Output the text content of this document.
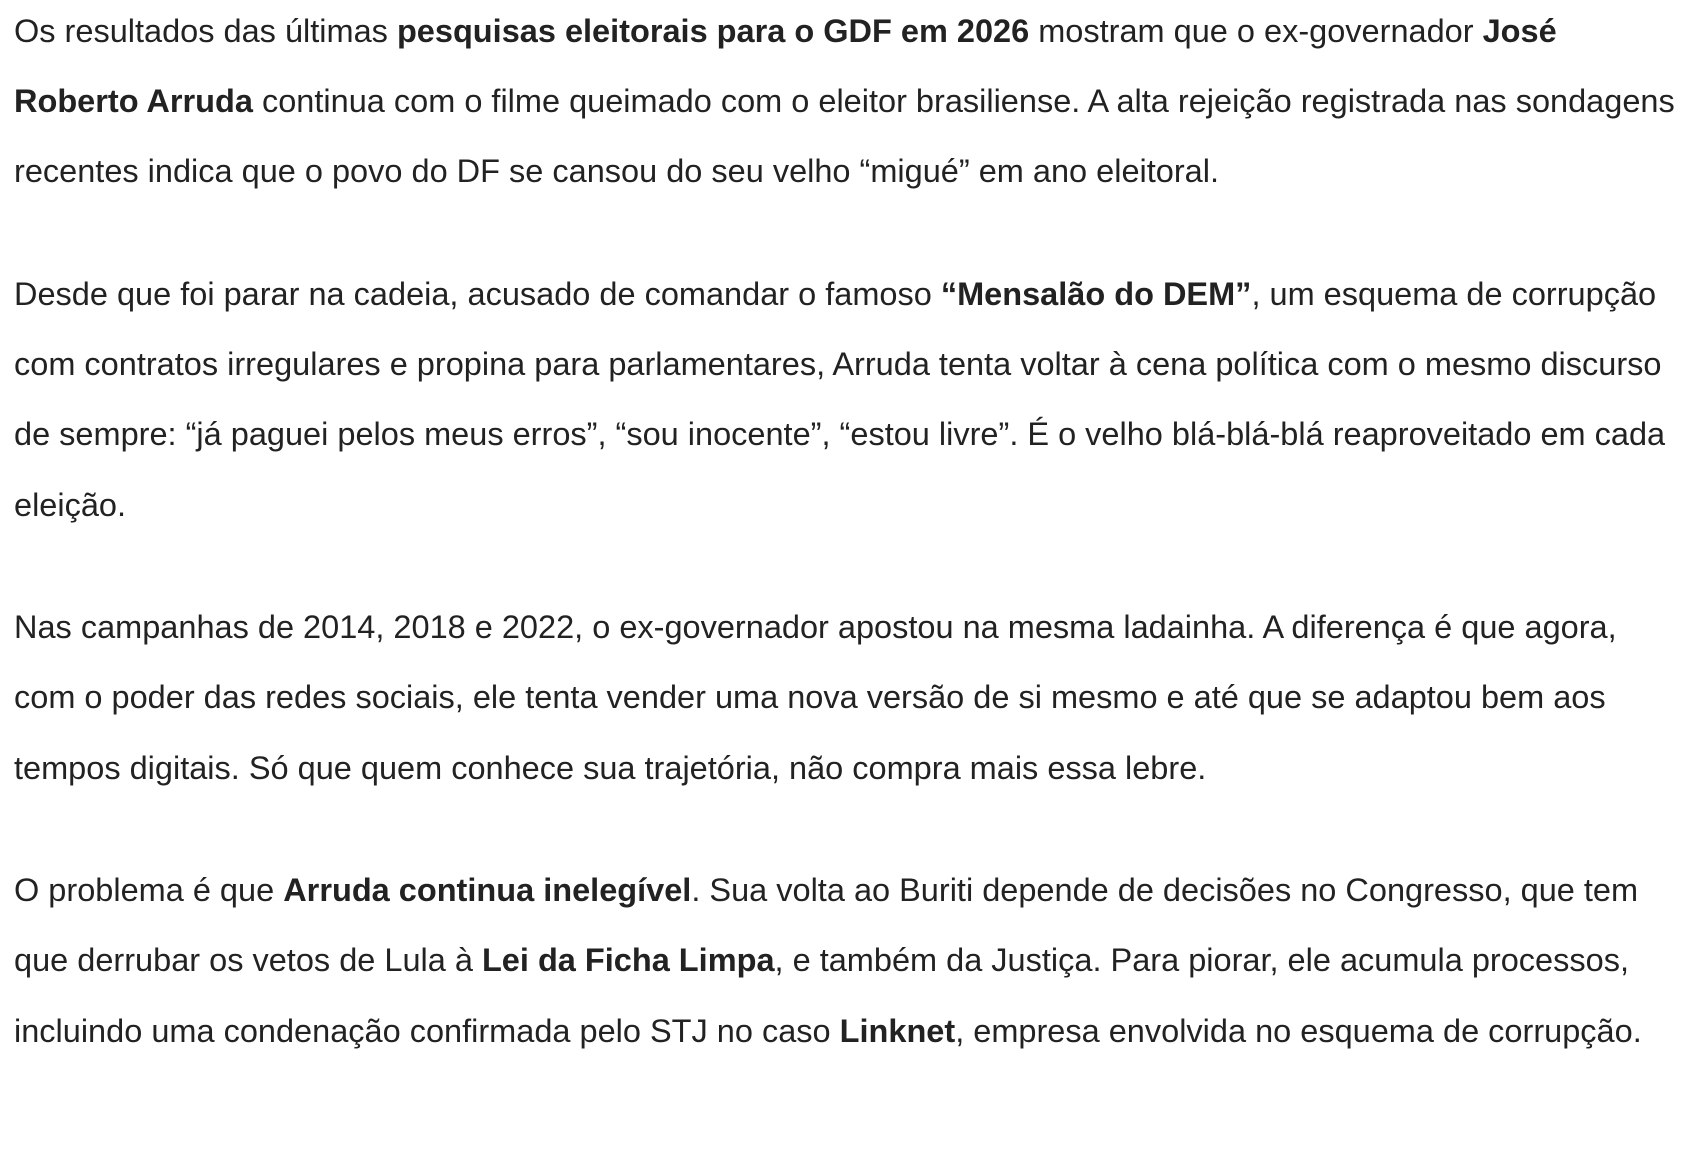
Os resultados das últimas pesquisas eleitorais para o GDF em 2026 mostram que o ex-governador José Roberto Arruda continua com o filme queimado com o eleitor brasiliense. A alta rejeição registrada nas sondagens recentes indica que o povo do DF se cansou do seu velho “migué” em ano eleitoral.

Desde que foi parar na cadeia, acusado de comandar o famoso “Mensalão do DEM”, um esquema de corrupção com contratos irregulares e propina para parlamentares, Arruda tenta voltar à cena política com o mesmo discurso de sempre: “já paguei pelos meus erros”, “sou inocente”, “estou livre”. É o velho blá-blá-blá reaproveitado em cada eleição.

Nas campanhas de 2014, 2018 e 2022, o ex-governador apostou na mesma ladainha. A diferença é que agora, com o poder das redes sociais, ele tenta vender uma nova versão de si mesmo e até que se adaptou bem aos tempos digitais. Só que quem conhece sua trajetória, não compra mais essa lebre.

O problema é que Arruda continua inelegível. Sua volta ao Buriti depende de decisões no Congresso, que tem que derrubar os vetos de Lula à Lei da Ficha Limpa, e também da Justiça. Para piorar, ele acumula processos, incluindo uma condenação confirmada pelo STJ no caso Linknet, empresa envolvida no esquema de corrupção.
